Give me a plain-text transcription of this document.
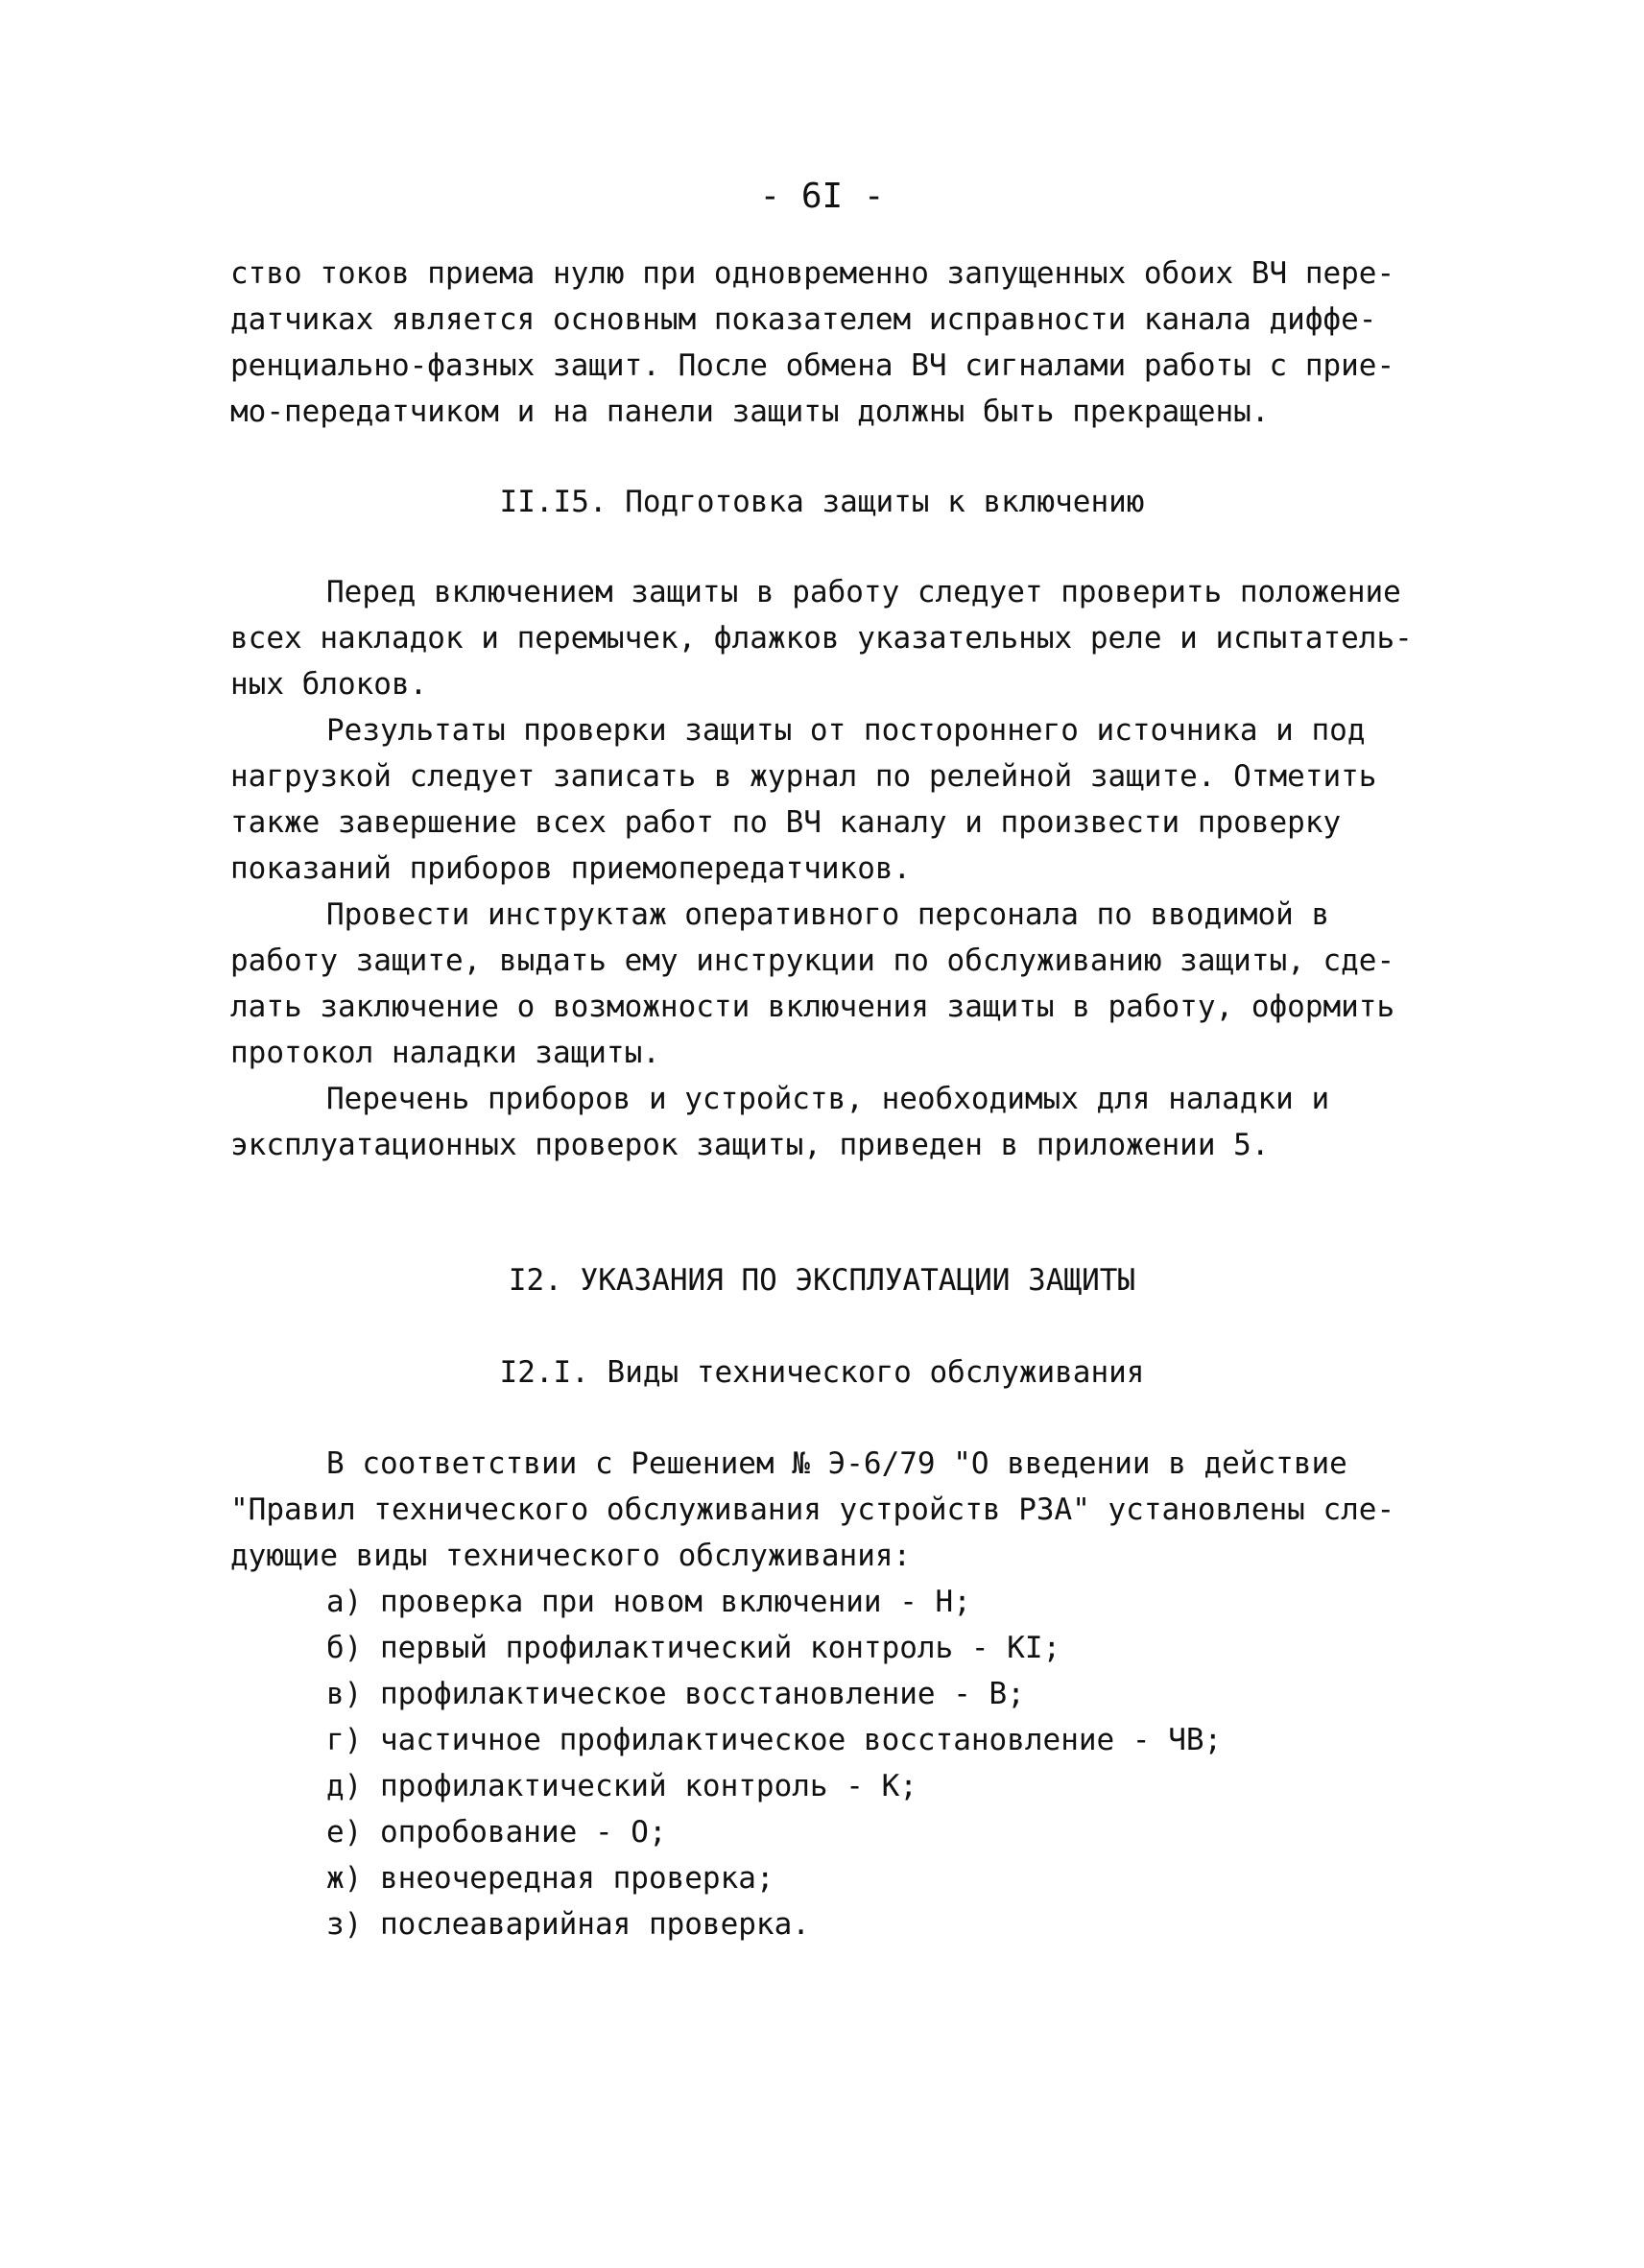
- 6I -
ство токов приема нулю при одновременно запущенных обоих ВЧ пере-
датчиках является основным показателем исправности канала диффе-
ренциально-фазных защит. После обмена ВЧ сигналами работы с прие-
мо-передатчиком и на панели защиты должны быть прекращены.
II.I5. Подготовка защиты к включению
Перед включением защиты в работу следует проверить положение
всех накладок и перемычек, флажков указательных реле и испытатель-
ных блоков.
Результаты проверки защиты от постороннего источника и под
нагрузкой следует записать в журнал по релейной защите. Отметить
также завершение всех работ по ВЧ каналу и произвести проверку
показаний приборов приемопередатчиков.
Провести инструктаж оперативного персонала по вводимой в
работу защите, выдать ему инструкции по обслуживанию защиты, сде-
лать заключение о возможности включения защиты в работу, оформить
протокол наладки защиты.
Перечень приборов и устройств, необходимых для наладки и
эксплуатационных проверок защиты, приведен в приложении 5.
I2. УКАЗАНИЯ ПО ЭКСПЛУАТАЦИИ ЗАЩИТЫ
I2.I. Виды технического обслуживания
В соответствии с Решением № Э-6/79 "О введении в действие
"Правил технического обслуживания устройств РЗА" установлены сле-
дующие виды технического обслуживания:
а) проверка при новом включении - Н;
б) первый профилактический контроль - КI;
в) профилактическое восстановление - В;
г) частичное профилактическое восстановление - ЧВ;
д) профилактический контроль - К;
е) опробование - О;
ж) внеочередная проверка;
з) послеаварийная проверка.
